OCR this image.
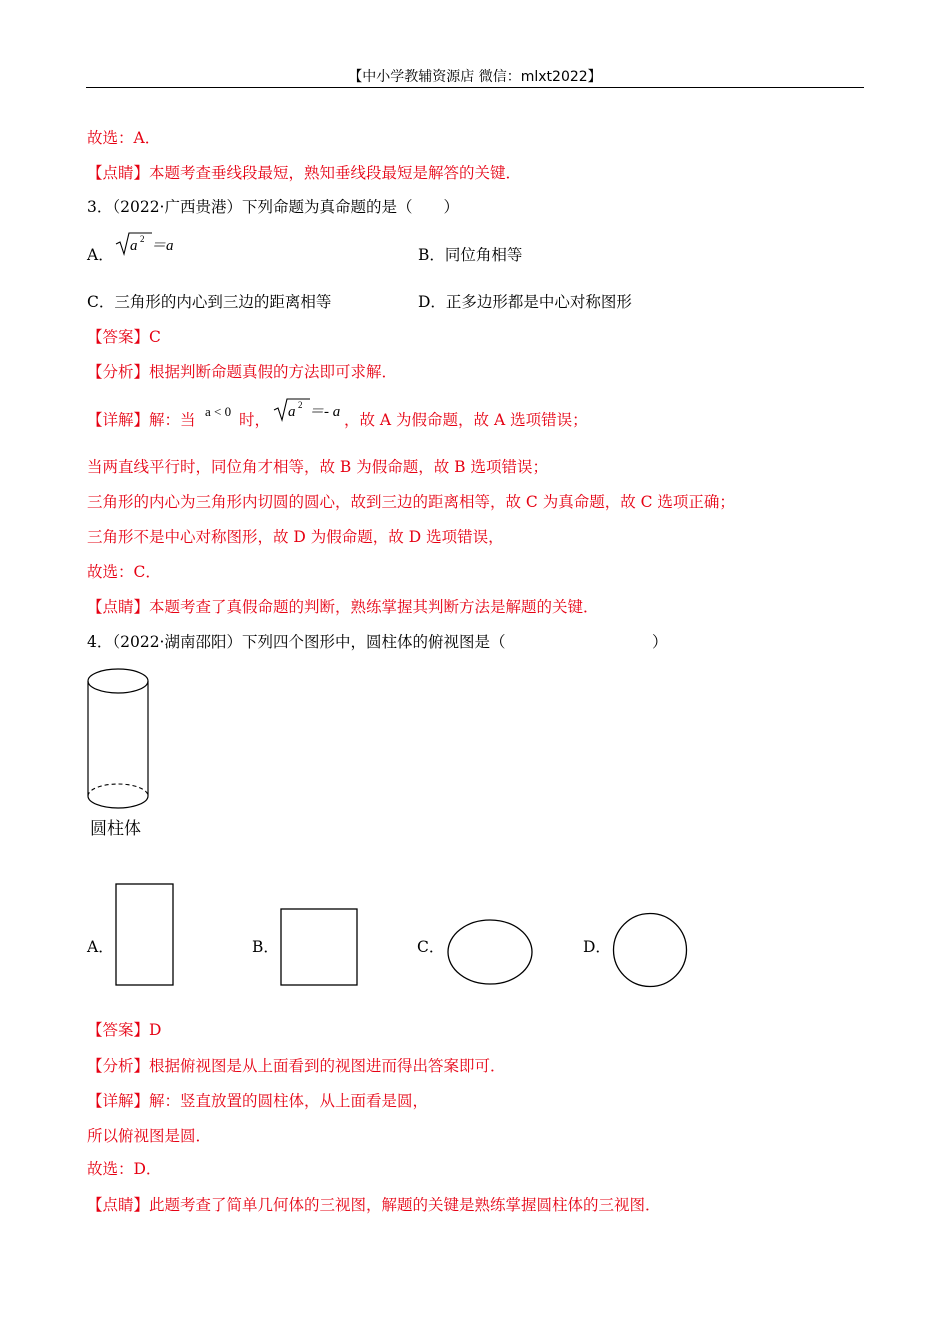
【中小学教辅资源店 微信：mlxt2022】
故选：A．
【点睛】本题考查垂线段最短，熟知垂线段最短是解答的关键．
3．（2022·广西贵港）下列命题为真命题的是（　　）
A． a 2 ＝a	B．同位角相等
C．三角形的内心到三边的距离相等	D．正多边形都是中心对称图形
【答案】C
【分析】根据判断命题真假的方法即可求解．
【详解】解：当 a < 0 时， a 2 ＝- a ，故 A 为假命题，故 A 选项错误；
当两直线平行时，同位角才相等，故 B 为假命题，故 B 选项错误；
三角形的内心为三角形内切圆的圆心，故到三边的距离相等，故 C 为真命题，故 C 选项正确；
三角形不是中心对称图形，故 D 为假命题，故 D 选项错误，
故选：C．
【点睛】本题考查了真假命题的判断，熟练掌握其判断方法是解题的关键．
4．（2022·湖南邵阳）下列四个图形中，圆柱体的俯视图是（	）
圆柱体
A．	B．	C．	D．
【答案】D
【分析】根据俯视图是从上面看到的视图进而得出答案即可．
【详解】解：竖直放置的圆柱体，从上面看是圆，
所以俯视图是圆．
故选：D．
【点睛】此题考查了简单几何体的三视图，解题的关键是熟练掌握圆柱体的三视图．
